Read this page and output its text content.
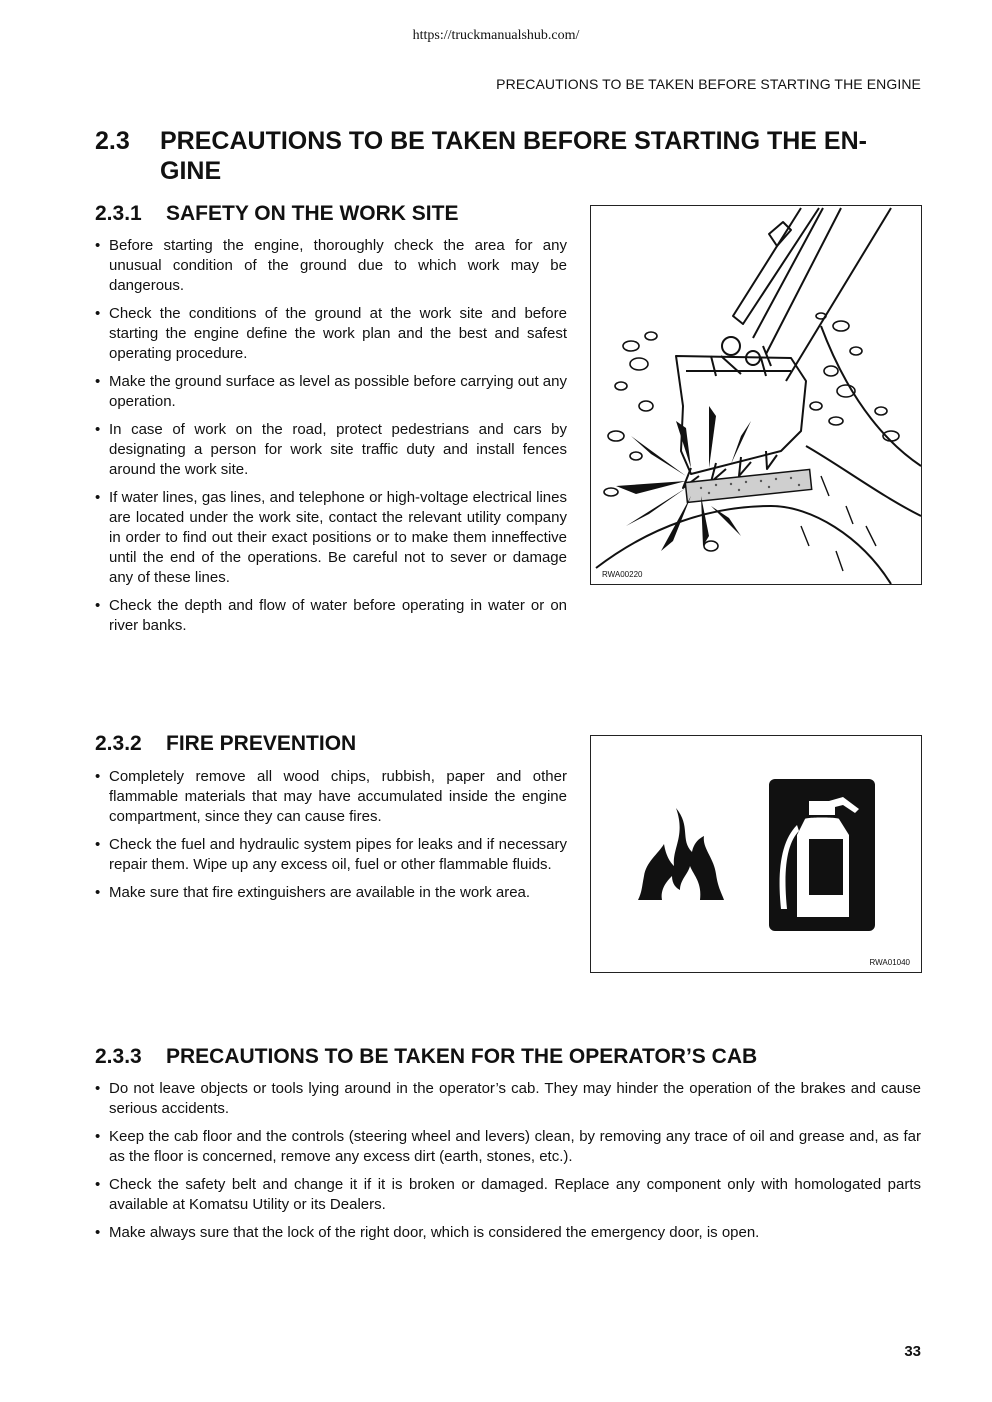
https://truckmanualshub.com/
PRECAUTIONS TO BE TAKEN BEFORE STARTING THE ENGINE
2.3 PRECAUTIONS TO BE TAKEN BEFORE STARTING THE EN-GINE
2.3.1 SAFETY ON THE WORK SITE
• Before starting the engine, thoroughly check the area for any unusual condition of the ground due to which work may be dangerous.
• Check the conditions of the ground at the work site and before starting the engine define the work plan and the best and safest operating procedure.
• Make the ground surface as level as possible before carrying out any operation.
• In case of work on the road, protect pedestrians and cars by designating a person for work site traffic duty and install fences around the work site.
• If water lines, gas lines, and telephone or high-voltage electrical lines are located under the work site, contact the relevant utility company in order to find out their exact positions or to make them inneffective until the end of the operations. Be careful not to sever or damage any of these lines.
• Check the depth and flow of water before operating in water or on river banks.
RWA00220
2.3.2 FIRE PREVENTION
• Completely remove all wood chips, rubbish, paper and other flammable materials that may have accumulated inside the engine compartment, since they can cause fires.
• Check the fuel and hydraulic system pipes for leaks and if necessary repair them. Wipe up any excess oil, fuel or other flammable fluids.
• Make sure that fire extinguishers are available in the work area.
RWA01040
2.3.3 PRECAUTIONS TO BE TAKEN FOR THE OPERATOR’S CAB
• Do not leave objects or tools lying around in the operator’s cab. They may hinder the operation of the brakes and cause serious accidents.
• Keep the cab floor and the controls (steering wheel and levers) clean, by removing any trace of oil and grease and, as far as the floor is concerned, remove any excess dirt (earth, stones, etc.).
• Check the safety belt and change it if it is broken or damaged. Replace any component only with homologated parts available at Komatsu Utility or its Dealers.
• Make always sure that the lock of the right door, which is considered the emergency door, is open.
33
